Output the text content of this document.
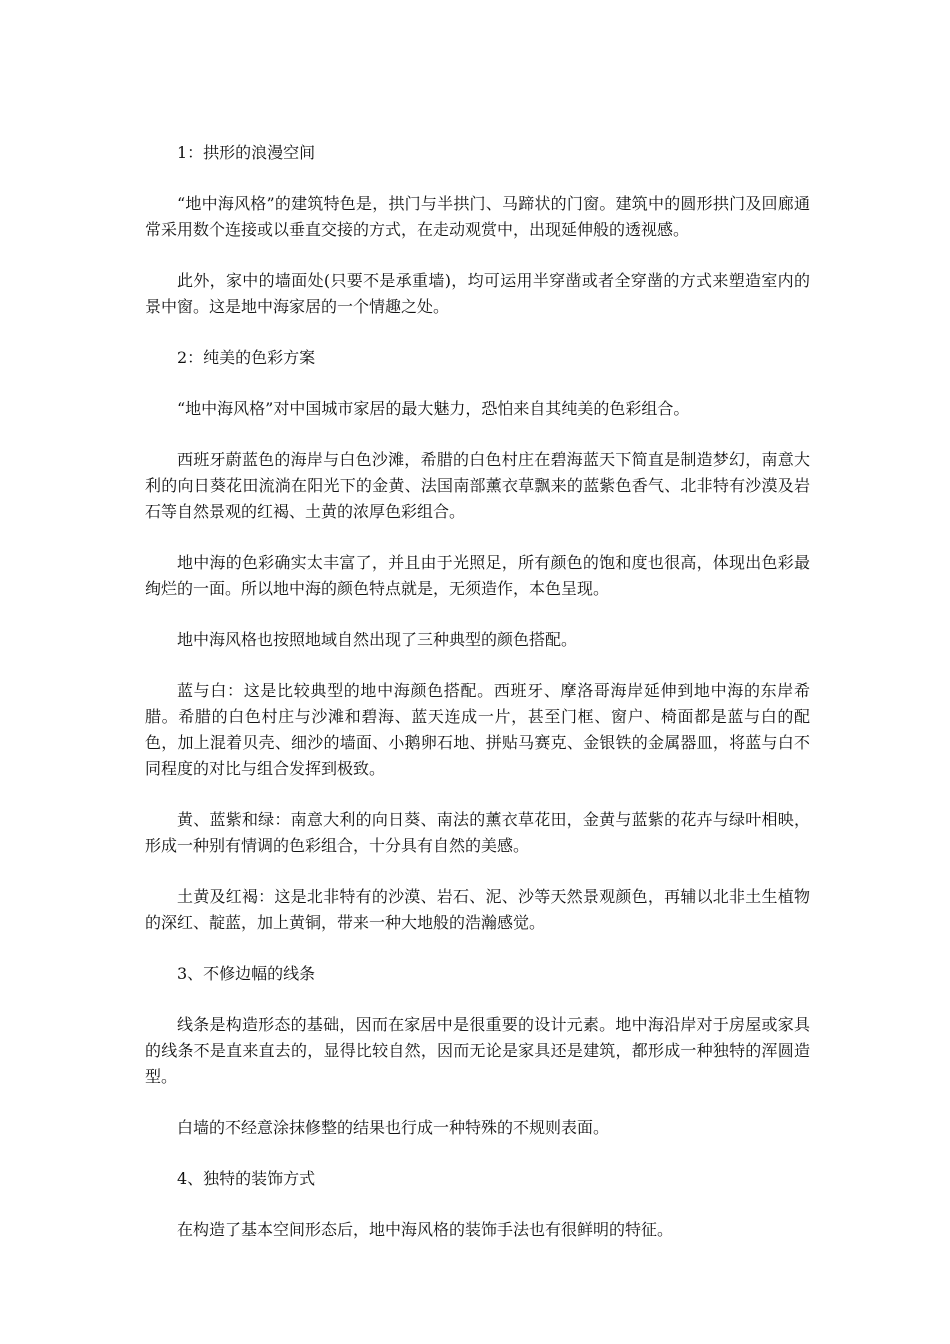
1：拱形的浪漫空间

“地中海风格”的建筑特色是，拱门与半拱门、马蹄状的门窗。建筑中的圆形拱门及回廊通常采用数个连接或以垂直交接的方式，在走动观赏中，出现延伸般的透视感。

此外，家中的墙面处(只要不是承重墙)，均可运用半穿凿或者全穿凿的方式来塑造室内的景中窗。这是地中海家居的一个情趣之处。

2：纯美的色彩方案

“地中海风格”对中国城市家居的最大魅力，恐怕来自其纯美的色彩组合。

西班牙蔚蓝色的海岸与白色沙滩，希腊的白色村庄在碧海蓝天下简直是制造梦幻，南意大利的向日葵花田流淌在阳光下的金黄、法国南部薰衣草飘来的蓝紫色香气、北非特有沙漠及岩石等自然景观的红褐、土黄的浓厚色彩组合。

地中海的色彩确实太丰富了，并且由于光照足，所有颜色的饱和度也很高，体现出色彩最绚烂的一面。所以地中海的颜色特点就是，无须造作，本色呈现。

地中海风格也按照地域自然出现了三种典型的颜色搭配。

蓝与白：这是比较典型的地中海颜色搭配。西班牙、摩洛哥海岸延伸到地中海的东岸希腊。希腊的白色村庄与沙滩和碧海、蓝天连成一片，甚至门框、窗户、椅面都是蓝与白的配色，加上混着贝壳、细沙的墙面、小鹅卵石地、拼贴马赛克、金银铁的金属器皿，将蓝与白不同程度的对比与组合发挥到极致。

黄、蓝紫和绿：南意大利的向日葵、南法的薰衣草花田，金黄与蓝紫的花卉与绿叶相映，形成一种别有情调的色彩组合，十分具有自然的美感。

土黄及红褐：这是北非特有的沙漠、岩石、泥、沙等天然景观颜色，再辅以北非土生植物的深红、靛蓝，加上黄铜，带来一种大地般的浩瀚感觉。

3、不修边幅的线条

线条是构造形态的基础，因而在家居中是很重要的设计元素。地中海沿岸对于房屋或家具的线条不是直来直去的，显得比较自然，因而无论是家具还是建筑，都形成一种独特的浑圆造型。

白墙的不经意涂抹修整的结果也行成一种特殊的不规则表面。

4、独特的装饰方式

在构造了基本空间形态后，地中海风格的装饰手法也有很鲜明的特征。
